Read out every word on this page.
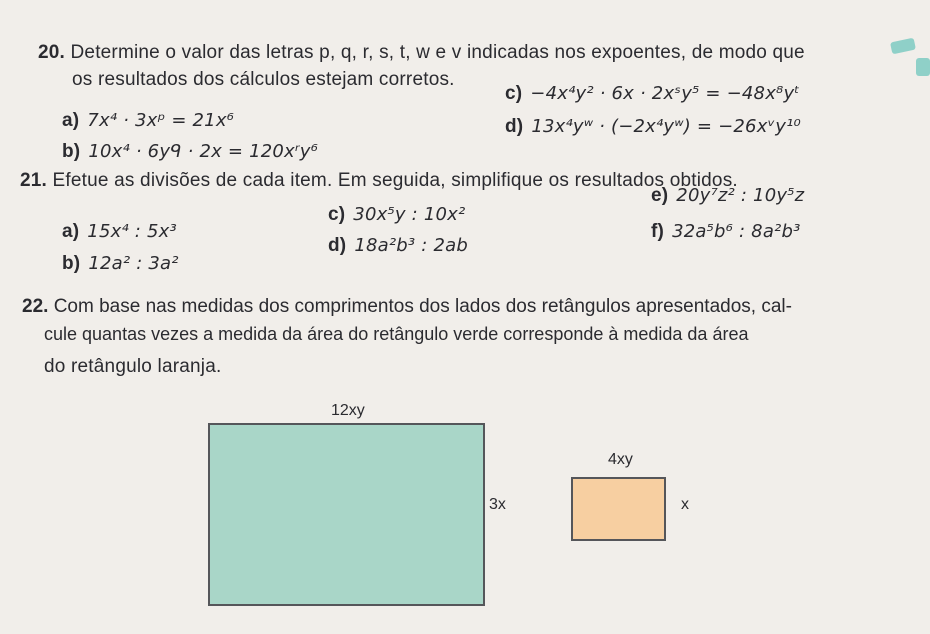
20. Determine o valor das letras p, q, r, s, t, w e v indicadas nos expoentes, de modo que
os resultados dos cálculos estejam corretos.
a) 7x⁴ · 3xᵖ = 21x⁶
b) 10x⁴ · 6yᑫ · 2x = 120xʳy⁶
c) −4x⁴y² · 6x · 2xˢy⁵ = −48x⁸yᵗ
d) 13x⁴yʷ · (−2x⁴yʷ) = −26xᵛy¹⁰
21. Efetue as divisões de cada item. Em seguida, simplifique os resultados obtidos.
a) 15x⁴ : 5x³
b) 12a² : 3a²
c) 30x⁵y : 10x²
d) 18a²b³ : 2ab
e) 20y⁷z² : 10y⁵z
f) 32a⁵b⁶ : 8a²b³
22. Com base nas medidas dos comprimentos dos lados dos retângulos apresentados, cal-
cule quantas vezes a medida da área do retângulo verde corresponde à medida da área
do retângulo laranja.
12xy
3x
4xy
x
